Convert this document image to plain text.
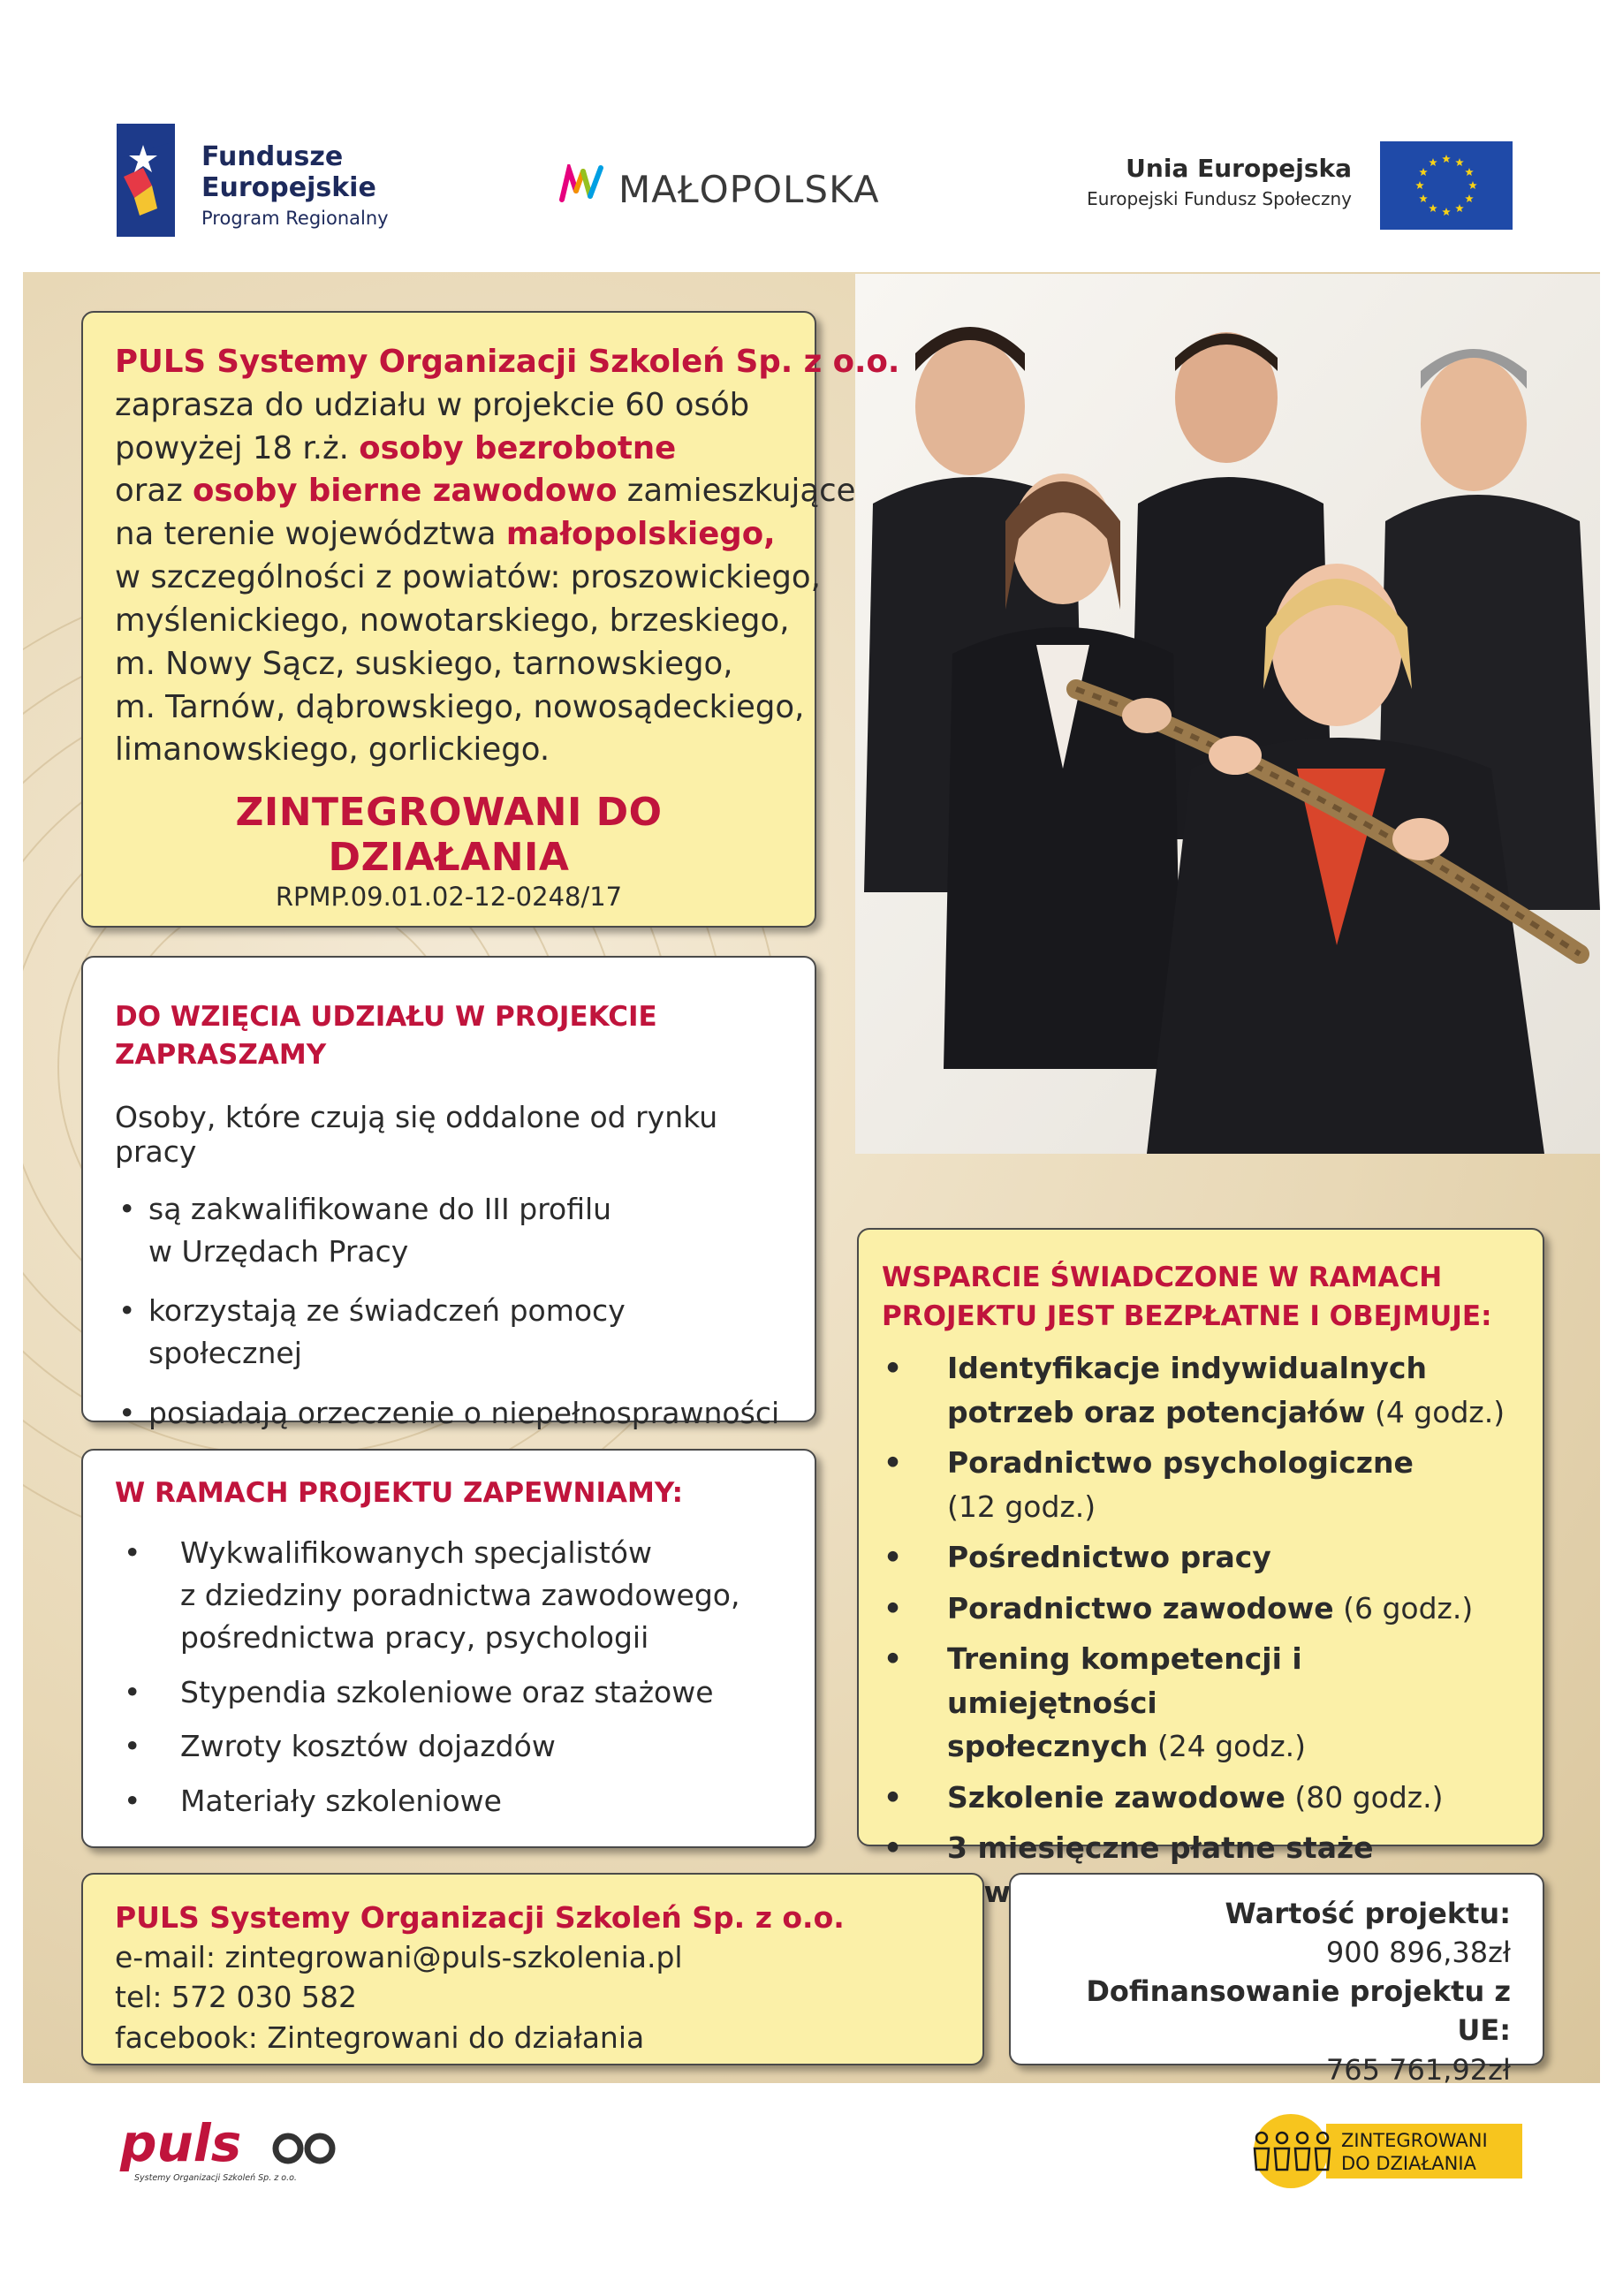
Fundusze
Europejskie
Program Regionalny
MAŁOPOLSKA	Unia Europejska
Europejski Fundusz Społeczny

PULS Systemy Organizacji Szkoleń Sp. z o.o.

zaprasza do udziału w projekcie 60 osób

powyżej 18 r.ż. osoby bezrobotne

oraz osoby bierne zawodowo zamieszkujące

na terenie województwa małopolskiego,

w szczególności z powiatów: proszowickiego,

myślenickiego, nowotarskiego, brzeskiego,

m. Nowy Sącz, suskiego, tarnowskiego,

m. Tarnów, dąbrowskiego, nowosądeckiego,

limanowskiego, gorlickiego.

ZINTEGROWANI DO DZIAŁANIA
RPMP.09.01.02-12-0248/17
DO WZIĘCIA UDZIAŁU W PROJEKCIE
ZAPRASZAMY
Osoby, które czują się oddalone od rynku pracy
• są zakwalifikowane do III profilu
w Urzędach Pracy
• korzystają ze świadczeń pomocy społecznej
• posiadają orzeczenie o niepełnosprawności
W RAMACH PROJEKTU ZAPEWNIAMY:
• Wykwalifikowanych specjalistów
z dziedziny poradnictwa zawodowego,
pośrednictwa pracy, psychologii
• Stypendia szkoleniowe oraz stażowe
• Zwroty kosztów dojazdów
• Materiały szkoleniowe
WSPARCIE ŚWIADCZONE W RAMACH
PROJEKTU JEST BEZPŁATNE I OBEJMUJE:
• Identyfikacje indywidualnych
potrzeb oraz potencjałów (4 godz.)
• Poradnictwo psychologiczne
(12 godz.)
• Pośrednictwo pracy
• Poradnictwo zawodowe (6 godz.)
• Trening kompetencji i umiejętności
społecznych (24 godz.)
• Szkolenie zawodowe (80 godz.)
• 3 miesięczne płatne staże
PULS Systemy Organizacji Szkoleń Sp. z o.o.
e-mail: zintegrowani@puls-szkolenia.pl
tel: 572 030 582
facebook: Zintegrowani do działania
Wartość projektu:
900 896,38zł
Dofinansowanie projektu z UE:
765 761,92zł
puls
Systemy Organizacji Szkoleń Sp. z o.o.
ZINTEGROWANI
DO DZIAŁANIA
